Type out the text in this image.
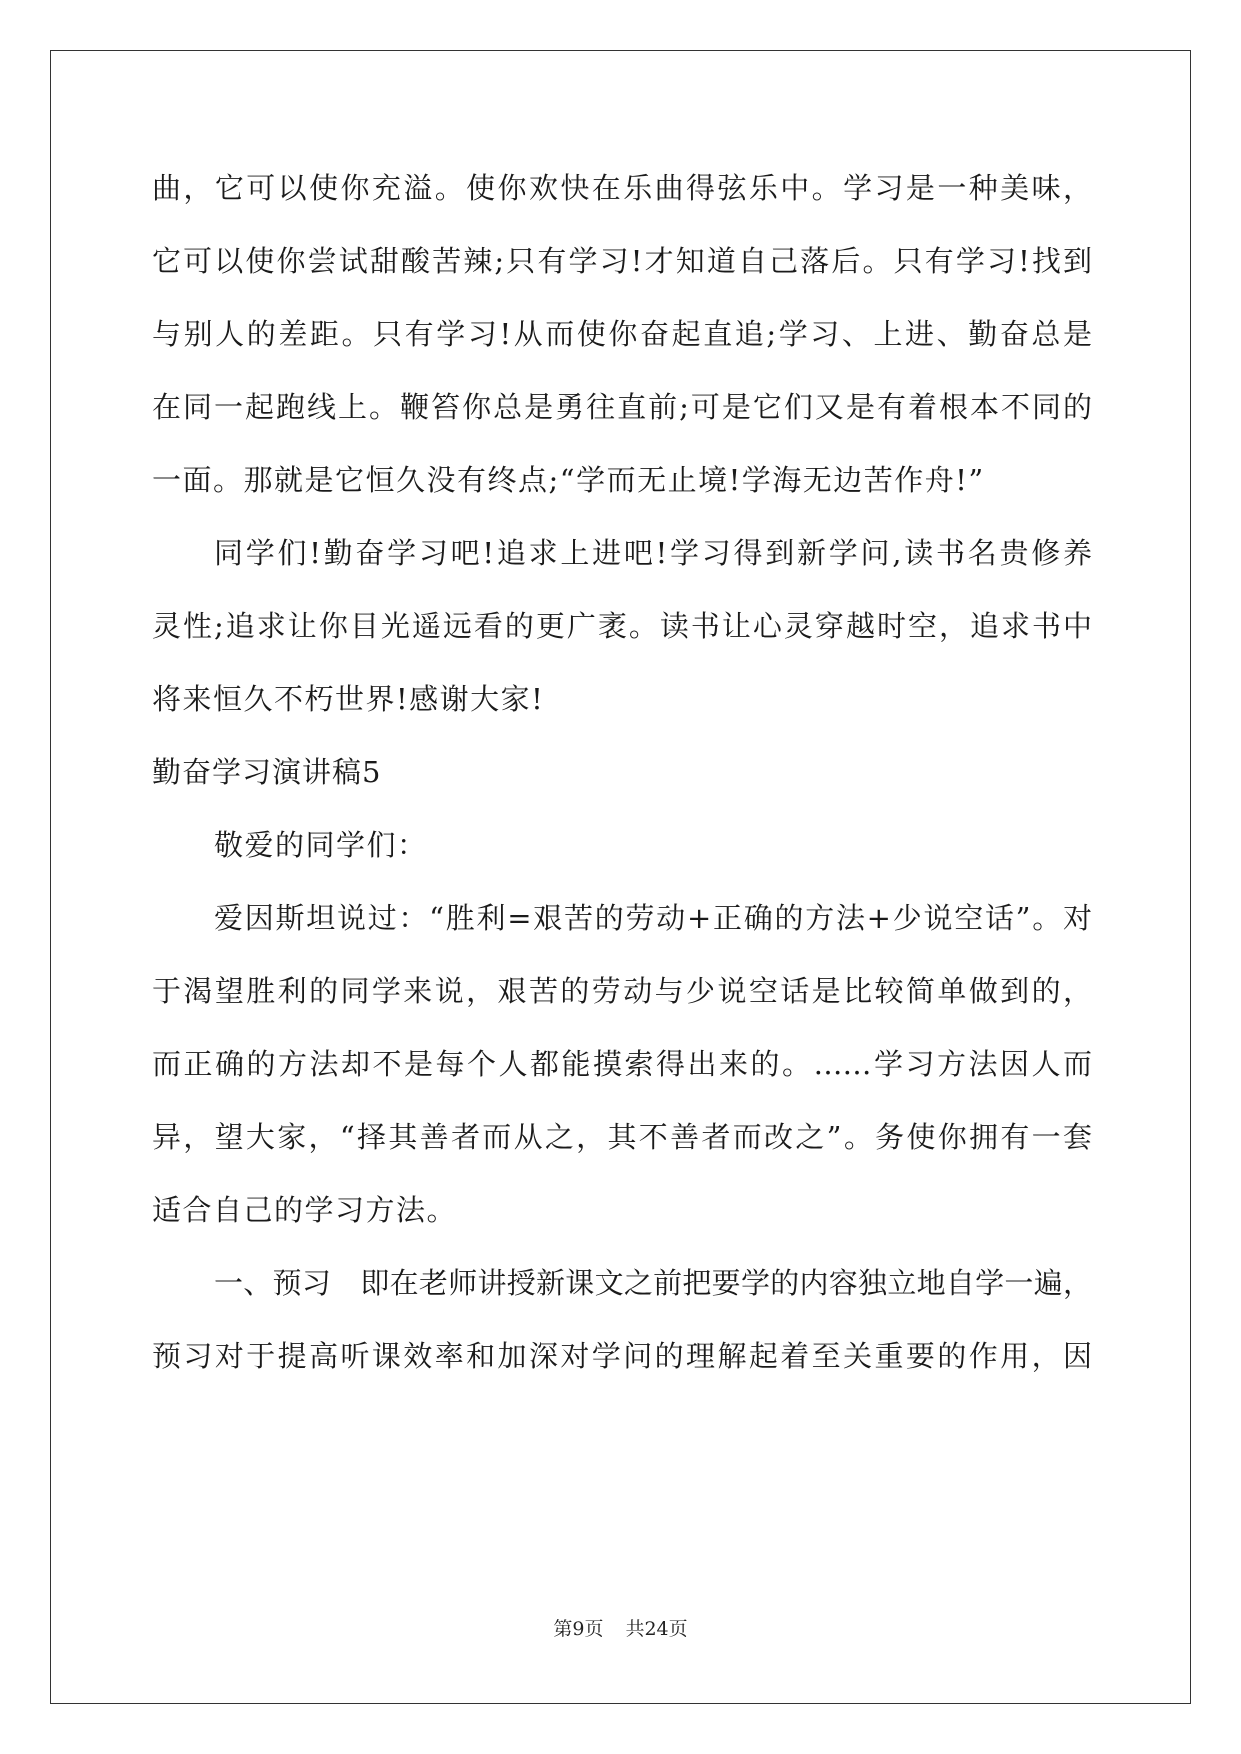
曲，它可以使你充溢。使你欢快在乐曲得弦乐中。学习是一种美味，
它可以使你尝试甜酸苦辣;只有学习!才知道自己落后。只有学习!找到
与别人的差距。只有学习!从而使你奋起直追;学习、上进、勤奋总是
在同一起跑线上。鞭笞你总是勇往直前;可是它们又是有着根本不同的
一面。那就是它恒久没有终点;“学而无止境!学海无边苦作舟!”
同学们!勤奋学习吧!追求上进吧!学习得到新学问,读书名贵修养
灵性;追求让你目光遥远看的更广袤。读书让心灵穿越时空，追求书中
将来恒久不朽世界!感谢大家!
勤奋学习演讲稿5
敬爱的同学们：
爱因斯坦说过：“胜利=艰苦的劳动+正确的方法+少说空话”。对
于渴望胜利的同学来说，艰苦的劳动与少说空话是比较简单做到的，
而正确的方法却不是每个人都能摸索得出来的。……学习方法因人而
异，望大家，“择其善者而从之，其不善者而改之”。务使你拥有一套
适合自己的学习方法。
一、预习　即在老师讲授新课文之前把要学的内容独立地自学一遍，
预习对于提高听课效率和加深对学问的理解起着至关重要的作用，因
第9页 共24页
